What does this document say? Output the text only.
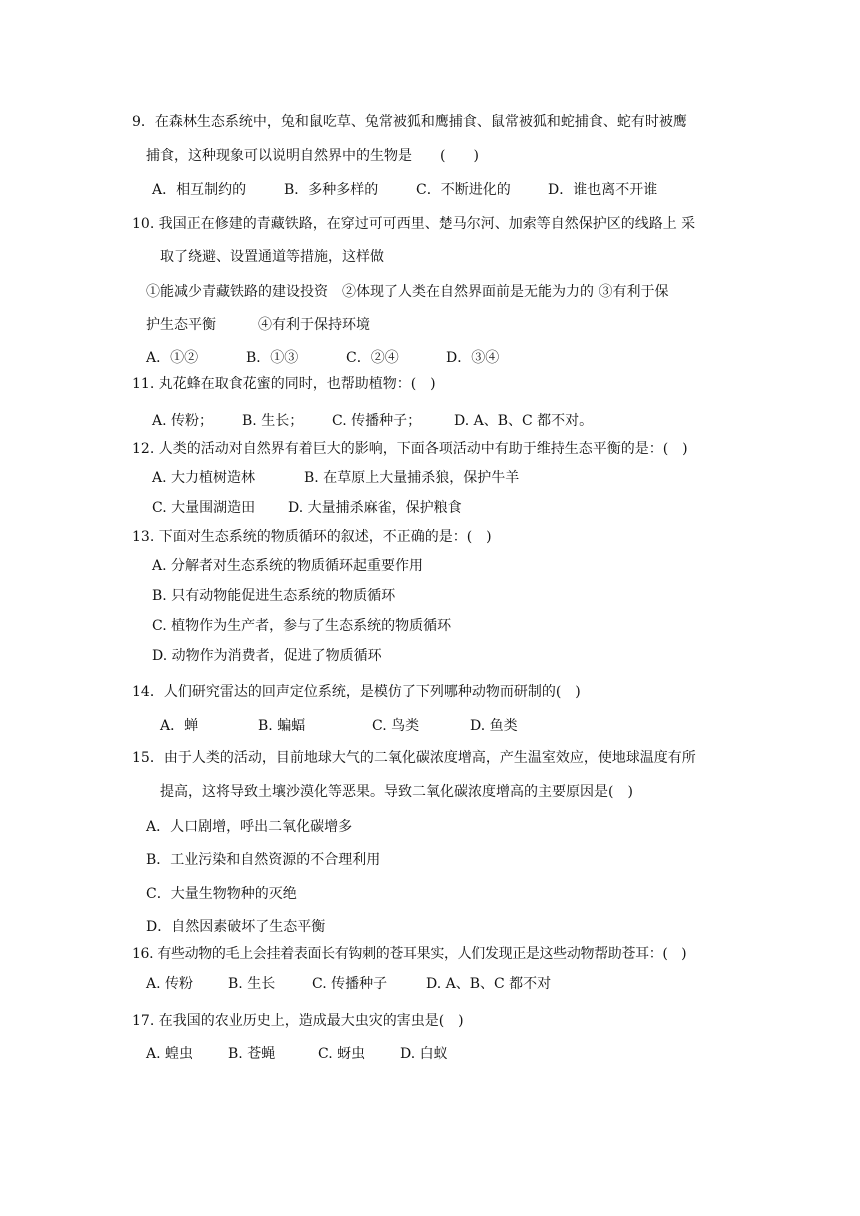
9．在森林生态系统中，兔和鼠吃草、兔常被狐和鹰捕食、鼠常被狐和蛇捕食、蛇有时被鹰
捕食，这种现象可以说明自然界中的生物是　　(　　)
A．相互制约的	B．多种多样的	C．不断进化的	D．谁也离不开谁
10. 我国正在修建的青藏铁路，在穿过可可西里、楚马尔河、加索等自然保护区的线路上 采
取了绕避、设置通道等措施，这样做
①能减少青藏铁路的建设投资　②体现了人类在自然界面前是无能为力的 ③有利于保
护生态平衡　　　④有利于保持环境
A．①②	B．①③	C．②④	D．③④
11. 丸花蜂在取食花蜜的同时，也帮助植物：(　)
A. 传粉； B. 生长； C. 传播种子； D. A、B、C 都不对。
12. 人类的活动对自然界有着巨大的影响，下面各项活动中有助于维持生态平衡的是：(　)
A. 大力植树造林	B. 在草原上大量捕杀狼，保护牛羊
C. 大量围湖造田 D. 大量捕杀麻雀，保护粮食
13. 下面对生态系统的物质循环的叙述，不正确的是：(　)
A. 分解者对生态系统的物质循环起重要作用
B. 只有动物能促进生态系统的物质循环
C. 植物作为生产者，参与了生态系统的物质循环
D. 动物作为消费者，促进了物质循环
14．人们研究雷达的回声定位系统，是模仿了下列哪种动物而研制的(　)
A．蝉	B. 蝙蝠	C. 鸟类	D. 鱼类
15．由于人类的活动，目前地球大气的二氧化碳浓度增高，产生温室效应，使地球温度有所
提高，这将导致土壤沙漠化等恶果。导致二氧化碳浓度增高的主要原因是(　)
A．人口剧增，呼出二氧化碳增多
B．工业污染和自然资源的不合理利用
C．大量生物物种的灭绝
D．自然因素破坏了生态平衡
16. 有些动物的毛上会挂着表面长有钩刺的苍耳果实，人们发现正是这些动物帮助苍耳：(　)
A. 传粉 B. 生长	C. 传播种子	D. A、B、C 都不对
17. 在我国的农业历史上，造成最大虫灾的害虫是(　)
A. 蝗虫 B. 苍蝇	C. 蚜虫 D. 白蚁
